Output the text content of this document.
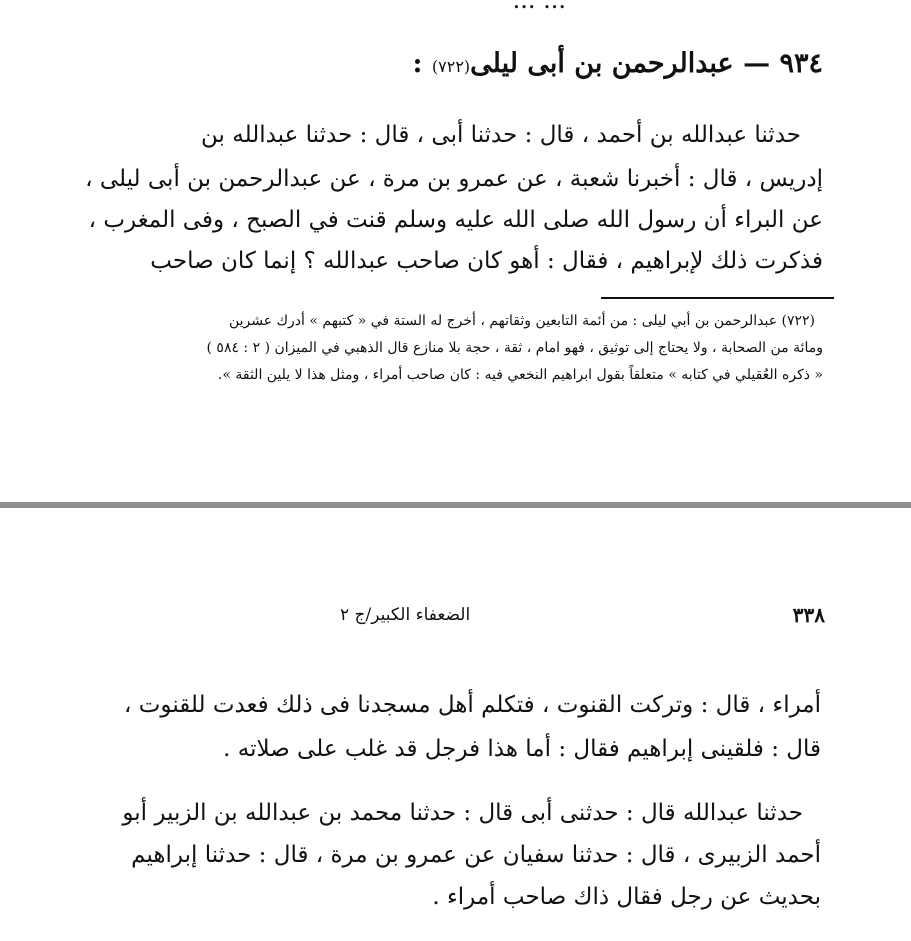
... ...
٩٣٤ — عبدالرحمن بن أبى ليلى(٧٢٢) :
حدثنا عبدالله بن أحمد ، قال : حدثنا أبى ، قال : حدثنا عبدالله بن
إدريس ، قال : أخبرنا شعبة ، عن عمرو بن مرة ، عن عبدالرحمن بن أبى ليلى ،
عن البراء أن رسول الله صلى الله عليه وسلم قنت في الصبح ، وفى المغرب ،
فذكرت ذلك لإبراهيم ، فقال : أهو كان صاحب عبدالله ؟ إنما كان صاحب
(٧٢٢) عبدالرحمن بن أبي ليلى : من أئمة التابعين وثقاتهم ، أخرج له الستة في « كتبهم » أدرك عشرين
ومائة من الصحابة ، ولا يحتاج إلى توثيق ، فهو امام ، ثقة ، حجة بلا منازع قال الذهبي في الميزان ( ٢ : ٥٨٤ )
« ذكره العُقيلي في كتابه » متعلقاً بقول ابراهيم النخعي فيه : كان صاحب أمراء ، ومثل هذا لا يلين الثقة ».
الضعفاء الكبير/ج ٢	٣٣٨
أمراء ، قال : وتركت القنوت ، فتكلم أهل مسجدنا فى ذلك فعدت للقنوت ،
قال : فلقينى إبراهيم فقال : أما هذا فرجل قد غلب على صلاته .
حدثنا عبدالله قال : حدثنى أبى قال : حدثنا محمد بن عبدالله بن الزبير أبو
أحمد الزبيرى ، قال : حدثنا سفيان عن عمرو بن مرة ، قال : حدثنا إبراهيم
بحديث عن رجل فقال ذاك صاحب أمراء .
